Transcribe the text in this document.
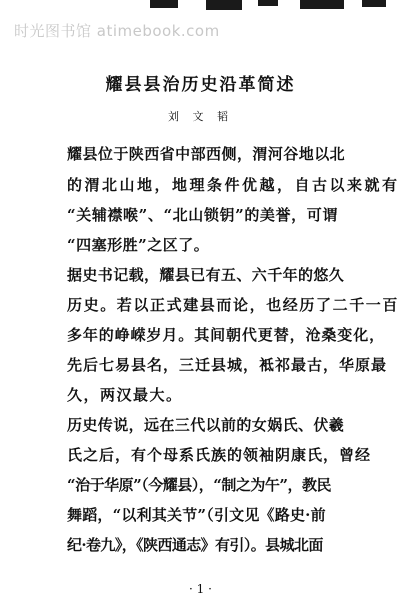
时光图书馆 atimebook.com
耀县县治历史沿革简述
刘 文 韬
耀县位于陕西省中部西侧，渭河谷地以北
的渭北山地，地理条件优越，自古以来就有
“关辅襟喉”、“北山锁钥”的美誉，可谓
“四塞形胜”之区了。
据史书记载，耀县已有五、六千年的悠久
历史。若以正式建县而论，也经历了二千一百
多年的峥嵘岁月。其间朝代更替，沧桑变化，
先后七易县名，三迁县城，袛祁最古，华原最
久，两汉最大。
历史传说，远在三代以前的女娲氏、伏羲
氏之后，有个母系氏族的领袖阴康氏，曾经
“治于华原”（今耀县），“制之为午”，教民
舞蹈，“以利其关节”（引文见《路史·前
纪·卷九》，《陕西通志》有引）。县城北面
· 1 ·
